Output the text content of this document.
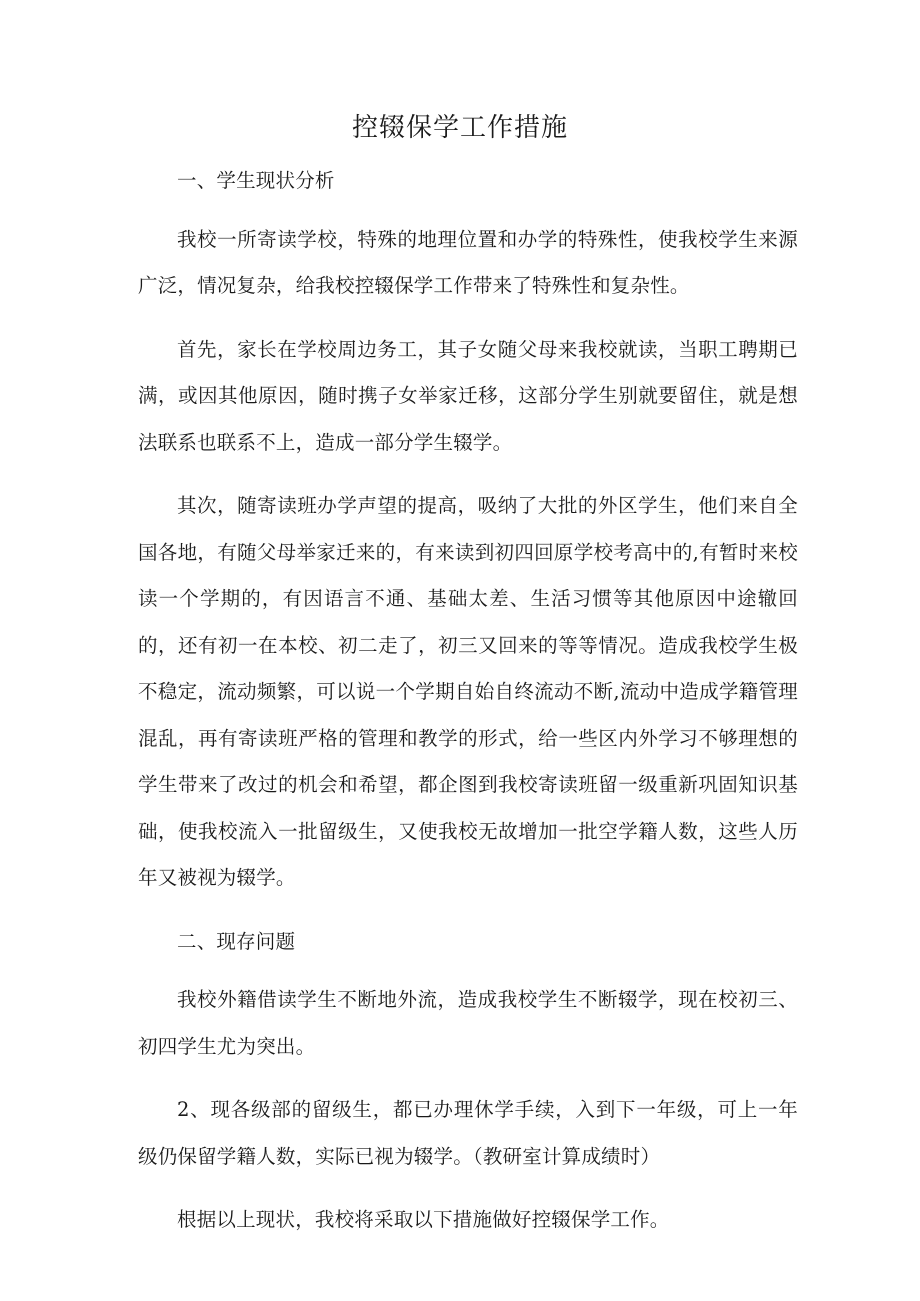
控辍保学工作措施

一、学生现状分析

我校一所寄读学校，特殊的地理位置和办学的特殊性，使我校学生来源广泛，情况复杂，给我校控辍保学工作带来了特殊性和复杂性。

首先，家长在学校周边务工，其子女随父母来我校就读，当职工聘期已满，或因其他原因，随时携子女举家迁移，这部分学生别就要留住，就是想法联系也联系不上，造成一部分学生辍学。

其次，随寄读班办学声望的提高，吸纳了大批的外区学生，他们来自全国各地，有随父母举家迁来的，有来读到初四回原学校考高中的,有暂时来校读一个学期的，有因语言不通、基础太差、生活习惯等其他原因中途辙回的，还有初一在本校、初二走了，初三又回来的等等情况。造成我校学生极不稳定，流动频繁，可以说一个学期自始自终流动不断,流动中造成学籍管理混乱，再有寄读班严格的管理和教学的形式，给一些区内外学习不够理想的学生带来了改过的机会和希望，都企图到我校寄读班留一级重新巩固知识基础，使我校流入一批留级生，又使我校无故增加一批空学籍人数，这些人历年又被视为辍学。

二、现存问题

我校外籍借读学生不断地外流，造成我校学生不断辍学，现在校初三、初四学生尤为突出。

2、现各级部的留级生，都已办理休学手续，入到下一年级，可上一年级仍保留学籍人数，实际已视为辍学。（教研室计算成绩时）

根据以上现状，我校将采取以下措施做好控辍保学工作。
